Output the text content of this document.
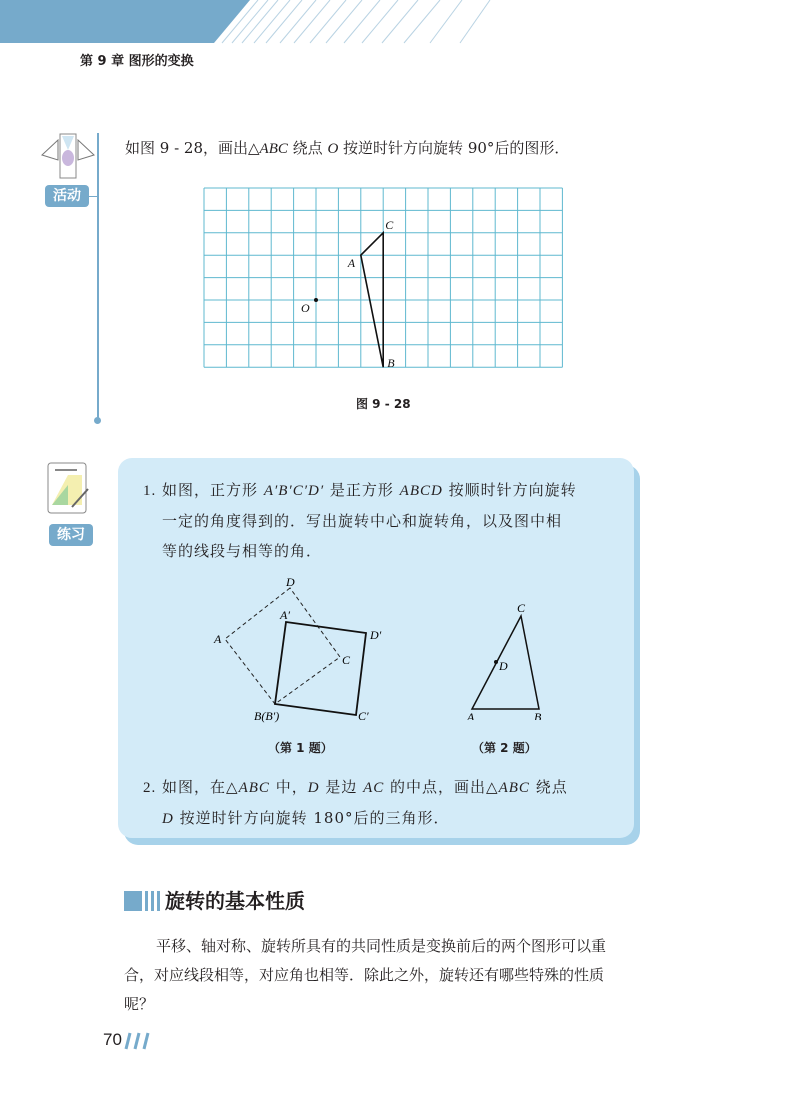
第 9 章 图形的变换
活动
如图 9 - 28，画出△ABC 绕点 O 按逆时针方向旋转 90°后的图形．
C
A
B
O
图 9 - 28
练习
1. 如图，正方形 A′B′C′D′ 是正方形 ABCD 按顺时针方向旋转
一定的角度得到的．写出旋转中心和旋转角，以及图中相
等的线段与相等的角．
D
A
C
A′
D′
C′
B(B′)
C
D
A	B
（第 1 题）	（第 2 题）
2. 如图，在△ABC 中，D 是边 AC 的中点，画出△ABC 绕点
D 按逆时针方向旋转 180°后的三角形．
旋转的基本性质
平移、轴对称、旋转所具有的共同性质是变换前后的两个图形可以重合，对应线段相等，对应角也相等．除此之外，旋转还有哪些特殊的性质呢？
70
